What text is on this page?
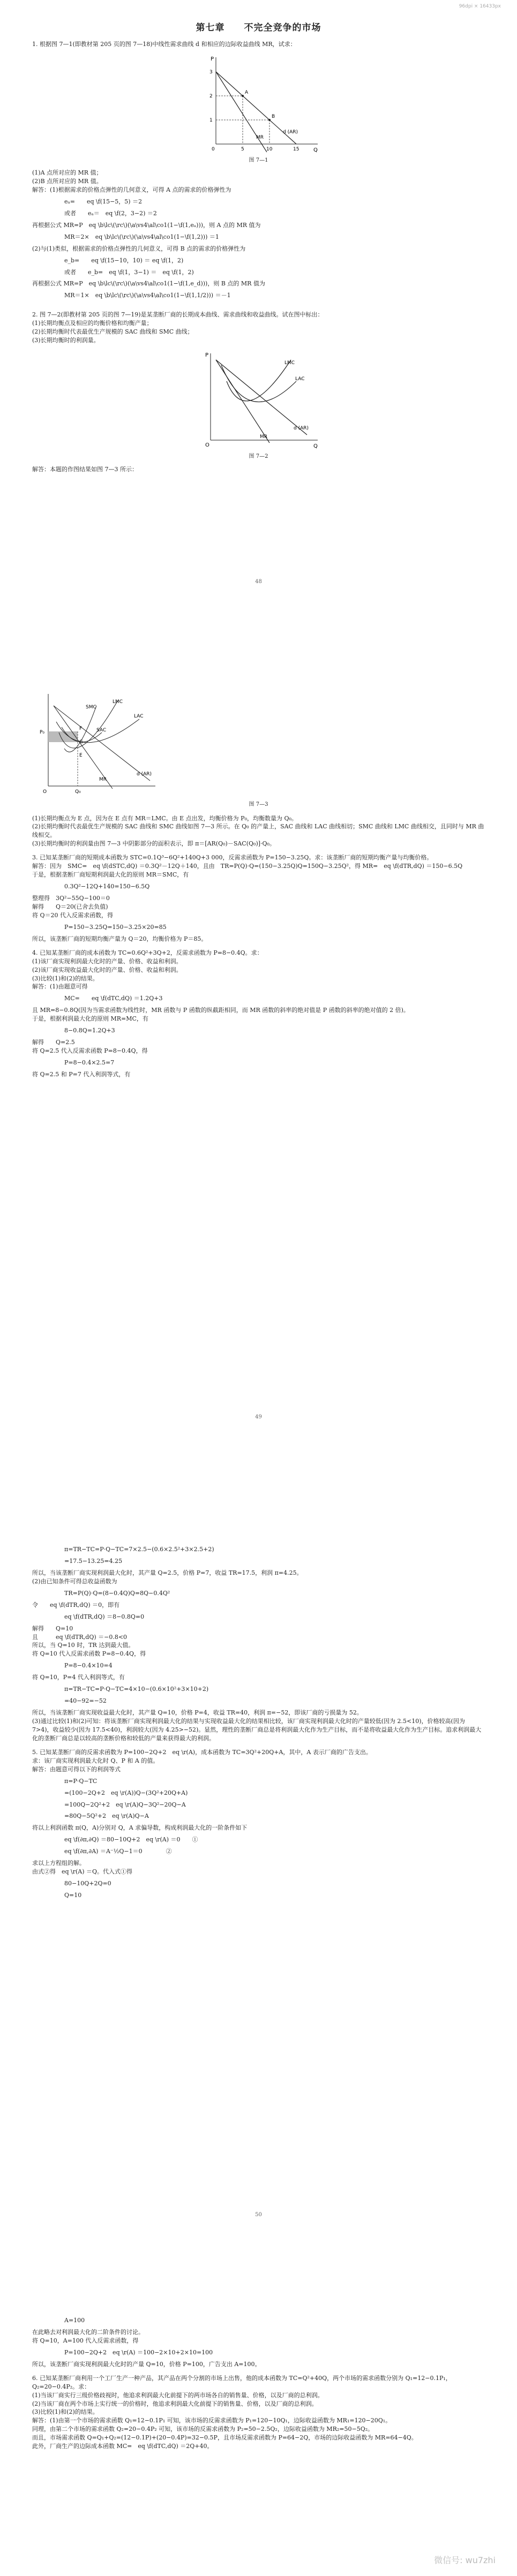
96dpi × 16433px
第七章　　不完全竞争的市场

1. 根据图 7—1(即教材第 205 页的图 7—18)中线性需求曲线 d 和相应的边际收益曲线 MR，试求：

P
Q
A
B
d (AR)
MR
3
2
1
0	5	10	15
图 7—1

(1)A 点所对应的 MR 值；

(2)B 点所对应的 MR 值。

解答：(1)根据需求的价格点弹性的几何意义，可得 A 点的需求的价格弹性为

eₐ=　　eq \f(15−5，5) ＝2

或者　　eₐ＝　eq \f(2，3−2) ＝2

再根据公式 MR=P　eq \b\lc\(\rc\)(\a\vs4\al\co1(1−\f(1,eₐ)))，则 A 点的 MR 值为

MR＝2×　eq \b\lc\(\rc\)(\a\vs4\al\co1(1−\f(1,2))) ＝1

(2)与(1)类似，根据需求的价格点弹性的几何意义，可得 B 点的需求的价格弹性为

e_b=　　eq \f(15−10，10) ＝ eq \f(1，2)

或者　　e_b=　eq \f(1，3−1) ＝　eq \f(1，2)

再根据公式 MR=P　eq \b\lc\(\rc\)(\a\vs4\al\co1(1−\f(1,e_d)))，则 B 点的 MR 值为

MR＝1×　eq \b\lc\(\rc\)(\a\vs4\al\co1(1−\f(1,1/2))) ＝－1

2. 图 7—2(即教材第 205 页的图 7—19)是某垄断厂商的长期成本曲线、需求曲线和收益曲线。试在图中标出：

(1)长期均衡点及相应的均衡价格和均衡产量；

(2)长期均衡时代表最优生产规模的 SAC 曲线和 SMC 曲线；

(3)长期均衡时的利润量。

P
Q
O
LMC
LAC
d (AR)
MR
图 7—2

解答：本题的作图结果如图 7—3 所示：

48
P₀
Q₀
O
SMC
LMC
SAC
LAC
d (AR)
MR
E
F
G
图 7—3

(1)长期均衡点为 E 点，因为在 E 点有 MR＝LMC。由 E 点出发，均衡价格为 P₀，均衡数量为 Q₀。

(2)长期均衡时代表最优生产规模的 SAC 曲线和 SMC 曲线如图 7—3 所示。在 Q₀ 的产量上，SAC 曲线和 LAC 曲线相切；SMC 曲线和 LMC 曲线相交，且同时与 MR 曲线相交。

(3)长期均衡时的利润量由图 7—3 中阴影部分的面积表示，即 π＝[AR(Q₀)－SAC(Q₀)]·Q₀。

3. 已知某垄断厂商的短期成本函数为 STC=0.1Q³−6Q²+140Q+3 000，反需求函数为 P=150−3.25Q。求：该垄断厂商的短期均衡产量与均衡价格。

解答：因为　SMC=　eq \f(dSTC,dQ) ＝0.3Q²－12Q＋140，且由　TR=P(Q)·Q=(150−3.25Q)Q=150Q−3.25Q²，得 MR=　eq \f(dTR,dQ) ＝150−6.5Q

于是，根据垄断厂商短期利润最大化的原则 MR＝SMC，有

0.3Q²−12Q+140=150−6.5Q

整理得　3Q²−55Q−100＝0

解得　　Q＝20(已舍去负值)

将 Q＝20 代入反需求函数，得

P=150−3.25Q=150−3.25×20=85

所以，该垄断厂商的短期均衡产量为 Q＝20，均衡价格为 P＝85。

4. 已知某垄断厂商的成本函数为 TC=0.6Q²+3Q+2，反需求函数为 P=8−0.4Q。求：

(1)该厂商实现利润最大化时的产量、价格、收益和利润。

(2)该厂商实现收益最大化时的产量、价格、收益和利润。

(3)比较(1)和(2)的结果。

解答：(1)由题意可得

MC=　　eq \f(dTC,dQ) ＝1.2Q+3

且 MR=8−0.8Q(因为当需求函数为线性时，MR 函数与 P 函数的纵截距相同，而 MR 函数的斜率的绝对值是 P 函数的斜率的绝对值的 2 倍)。

于是，根据利润最大化的原则 MR=MC，有

8−0.8Q=1.2Q+3

解得　　Q=2.5

将 Q=2.5 代入反需求函数 P=8−0.4Q，得

P=8−0.4×2.5=7

将 Q=2.5 和 P=7 代入利润等式，有

49

π=TR−TC=P·Q−TC=7×2.5−(0.6×2.5²+3×2.5+2)

=17.5−13.25=4.25

所以，当该垄断厂商实现利润最大化时，其产量 Q=2.5，价格 P=7，收益 TR=17.5，利润 π=4.25。

(2)由已知条件可得总收益函数为

TR=P(Q)·Q=(8−0.4Q)Q=8Q−0.4Q²

令　　eq \f(dTR,dQ) ＝0，即有

eq \f(dTR,dQ) ＝8−0.8Q=0

解得　　Q=10

且　　　eq \f(dTR,dQ) ＝−0.8<0

所以，当 Q=10 时，TR 达到最大值。

将 Q=10 代入反需求函数 P=8−0.4Q，得

P=8−0.4×10=4

将 Q=10，P=4 代入利润等式，有

π=TR−TC=P·Q−TC=4×10−(0.6×10²+3×10+2)

=40−92=−52

所以，当该垄断厂商实现收益最大化时，其产量 Q=10，价格 P=4，收益 TR=40，利润 π=−52，即该厂商的亏损量为 52。

(3)通过比较(1)和(2)可知：将该垄断厂商实现利润最大化的结果与实现收益最大化的结果相比较，该厂商实现利润最大化时的产量较低(因为 2.5<10)，价格较高(因为 7>4)，收益较少(因为 17.5<40)，利润较大(因为 4.25>−52)。显然，理性的垄断厂商总是将利润最大化作为生产目标，而不是将收益最大化作为生产目标。追求利润最大化的垄断厂商总是以较高的垄断价格和较低的产量来获得最大的利润。

5. 已知某垄断厂商的反需求函数为 P=100−2Q+2　eq \r(A)，成本函数为 TC=3Q²+20Q+A，其中，A 表示厂商的广告支出。

求：该厂商实现利润最大化时 Q、P 和 A 的值。

解答：由题意可得以下的利润等式

π=P·Q−TC

=(100−2Q+2　eq \r(A))Q−(3Q²+20Q+A)

=100Q−2Q²+2　eq \r(A)Q−3Q²−20Q−A

=80Q−5Q²+2　eq \r(A)Q−A

将以上利润函数 π(Q，A)分别对 Q，A 求偏导数，构成利润最大化的一阶条件如下

eq \f(∂π,∂Q) ＝80−10Q+2　eq \r(A) ＝0　　①

eq \f(∂π,∂A) ＝A⁻½Q−1＝0　　　　②

求以上方程组的解。

由式②得　eq \r(A) ＝Q。代入式①得

80−10Q+2Q=0

Q=10

50

A=100

在此略去对利润最大化的二阶条件的讨论。

将 Q=10，A=100 代入反需求函数，得

P=100−2Q+2　eq \r(A) ＝100−2×10+2×10=100

所以，该垄断厂商实现利润最大化时的产量 Q=10，价格 P=100，广告支出 A=100。

6. 已知某垄断厂商利用一个工厂生产一种产品，其产品在两个分割的市场上出售，他的成本函数为 TC=Q²+40Q，两个市场的需求函数分别为 Q₁=12−0.1P₁，Q₂=20−0.4P₂。求：

(1)当该厂商实行三级价格歧视时，他追求利润最大化前提下的两市场各自的销售量、价格，以及厂商的总利润。

(2)当该厂商在两个市场上实行统一的价格时，他追求利润最大化前提下的销售量、价格，以及厂商的总利润。

(3)比较(1)和(2)的结果。

解答：(1)由第一个市场的需求函数 Q₁=12−0.1P₁ 可知，该市场的反需求函数为 P₁=120−10Q₁，边际收益函数为 MR₁=120−20Q₁。

同理，由第二个市场的需求函数 Q₂=20−0.4P₂ 可知，该市场的反需求函数为 P₂=50−2.5Q₂，边际收益函数为 MR₂=50−5Q₂。

而且，市场需求函数 Q=Q₁+Q₂=(12−0.1P)+(20−0.4P)=32−0.5P，且市场反需求函数为 P=64−2Q，市场的边际收益函数为 MR=64−4Q。

此外，厂商生产的边际成本函数 MC=　eq \f(dTC,dQ) ＝2Q+40。

微信号: wu7zhi
